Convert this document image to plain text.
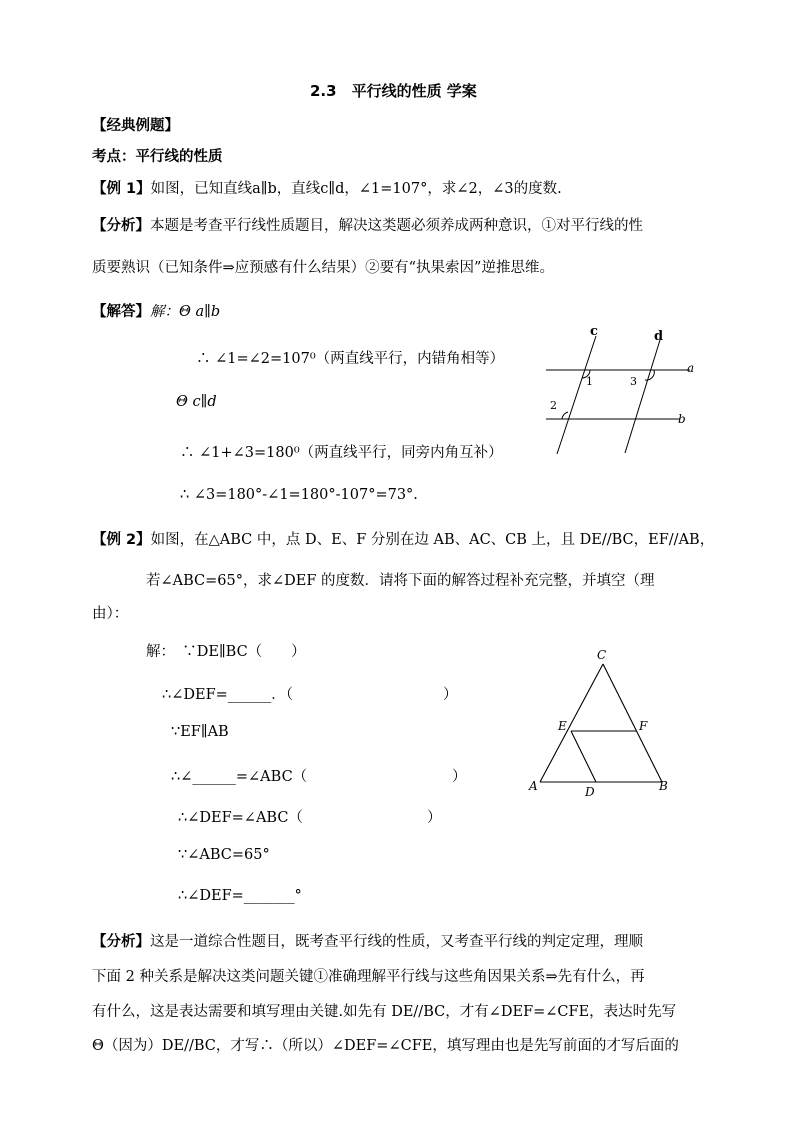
2.3　平行线的性质 学案
【经典例题】
考点：平行线的性质
【例 1】如图，已知直线a∥b，直线c∥d，∠1=107°，求∠2，∠3的度数.
【分析】本题是考查平行线性质题目，解决这类题必须养成两种意识，①对平行线的性
质要熟识（已知条件⇒应预感有什么结果）②要有“执果索因”逆推思维。
【解答】解：Θ a∥b
∴ ∠1=∠2=107⁰（两直线平行，内错角相等）
Θ c∥d
∴ ∠1+∠3=180⁰（两直线平行，同旁内角互补）
∴ ∠3=180°-∠1=180°-107°=73°.
c	d
a
b
1	3
2
【例 2】如图，在△ABC 中，点 D、E、F 分别在边 AB、AC、CB 上，且 DE//BC，EF//AB，
若∠ABC=65°，求∠DEF 的度数．请将下面的解答过程补充完整，并填空（理
由）：
解：　∵DE∥BC（　　）
∴∠DEF=______．（	）
∵EF∥AB
∴∠______=∠ABC（	）
∴∠DEF=∠ABC（	）
∵∠ABC=65°
∴∠DEF=_______°
C
E	F
A	D	B
【分析】这是一道综合性题目，既考查平行线的性质，又考查平行线的判定定理，理顺
下面 2 种关系是解决这类问题关键①准确理解平行线与这些角因果关系⇒先有什么，再
有什么，这是表达需要和填写理由关键.如先有 DE//BC，才有∠DEF=∠CFE，表达时先写
Θ（因为）DE//BC，才写∴（所以）∠DEF=∠CFE，填写理由也是先写前面的才写后面的
